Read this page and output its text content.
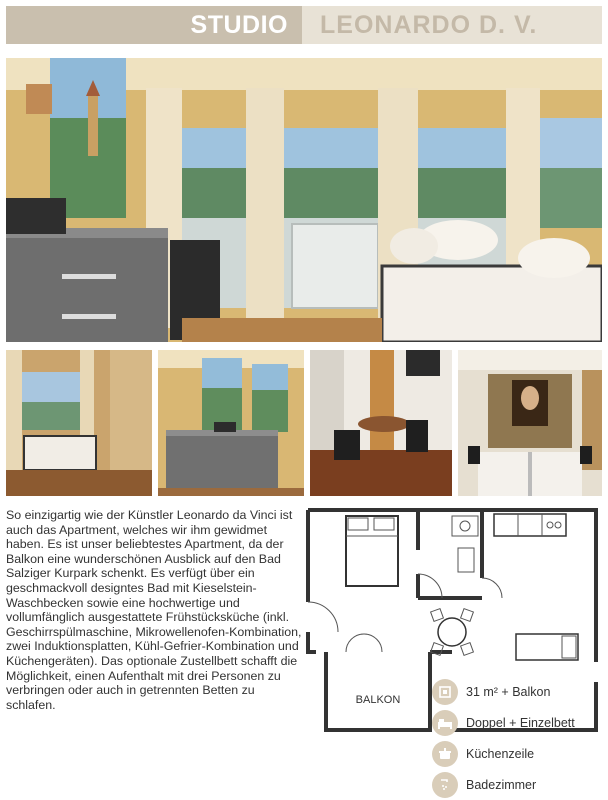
STUDIO LEONARDO D. V.
So einzigartig wie der Künstler Leonardo da Vinci ist auch das Apartment, welches wir ihm gewidmet haben. Es ist unser beliebtestes Apartment, da der Balkon eine wunderschönen Ausblick auf den Bad Salziger Kurpark schenkt. Es verfügt über ein geschmackvoll designtes Bad mit Kieselstein-Waschbecken sowie eine hochwertige und vollumfänglich ausgestattete Frühstücksküche (inkl. Geschirrspülmaschine, Mikrowellenofen-Kombination, zwei Induktionsplatten, Kühl-Gefrier-Kombination und Küchengeräten). Das optionale Zustellbett schafft die Möglichkeit, einen Aufenthalt mit drei Personen zu verbringen oder auch in getrennten Betten zu schlafen.	BALKON
31 m² + Balkon
Doppel + Einzelbett
Küchenzeile
Badezimmer
